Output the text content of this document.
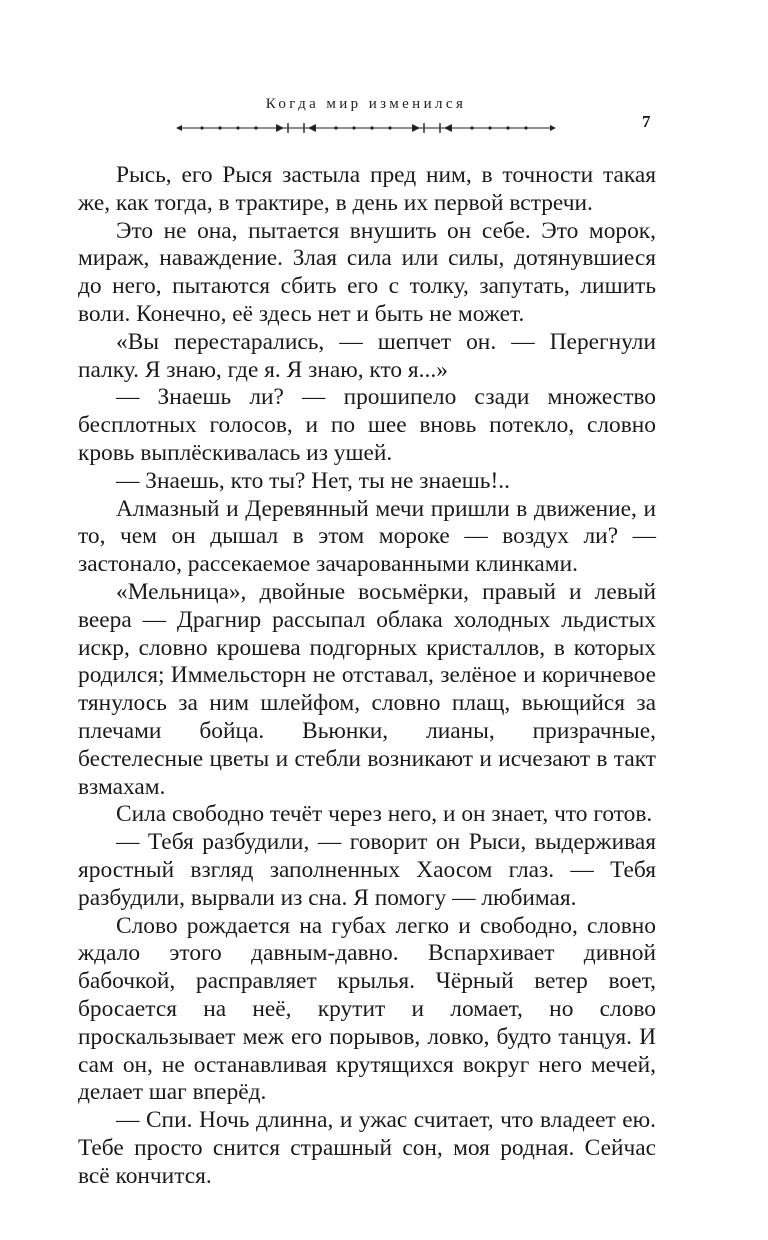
Когда мир изменился
7

Рысь, его Рыся застыла пред ним, в точности такая же, как тогда, в трактире, в день их первой встречи.

Это не она, пытается внушить он себе. Это морок, мираж, наваждение. Злая сила или силы, дотянувшиеся до него, пытаются сбить его с толку, запутать, лишить воли. Конечно, её здесь нет и быть не может.

«Вы перестарались, — шепчет он. — Перегнули палку. Я знаю, где я. Я знаю, кто я...»

— Знаешь ли? — прошипело сзади множество бесплотных голосов, и по шее вновь потекло, словно кровь выплёскивалась из ушей.

— Знаешь, кто ты? Нет, ты не знаешь!..

Алмазный и Деревянный мечи пришли в движение, и то, чем он дышал в этом мороке — воздух ли? — застонало, рассекаемое зачарованными клинками.

«Мельница», двойные восьмёрки, правый и левый веера — Драгнир рассыпал облака холодных льдистых искр, словно крошева подгорных кристаллов, в которых родился; Иммельсторн не отставал, зелёное и коричневое тянулось за ним шлейфом, словно плащ, вьющийся за плечами бойца. Вьюнки, лианы, призрачные, бестелесные цветы и стебли возникают и исчезают в такт взмахам.

Сила свободно течёт через него, и он знает, что готов.

— Тебя разбудили, — говорит он Рыси, выдерживая яростный взгляд заполненных Хаосом глаз. — Тебя разбудили, вырвали из сна. Я помогу — любимая.

Слово рождается на губах легко и свободно, словно ждало этого давным-давно. Вспархивает дивной бабочкой, расправляет крылья. Чёрный ветер воет, бросается на неё, крутит и ломает, но слово проскальзывает меж его порывов, ловко, будто танцуя. И сам он, не останавливая крутящихся вокруг него мечей, делает шаг вперёд.

— Спи. Ночь длинна, и ужас считает, что владеет ею. Тебе просто снится страшный сон, моя родная. Сейчас всё кончится.
